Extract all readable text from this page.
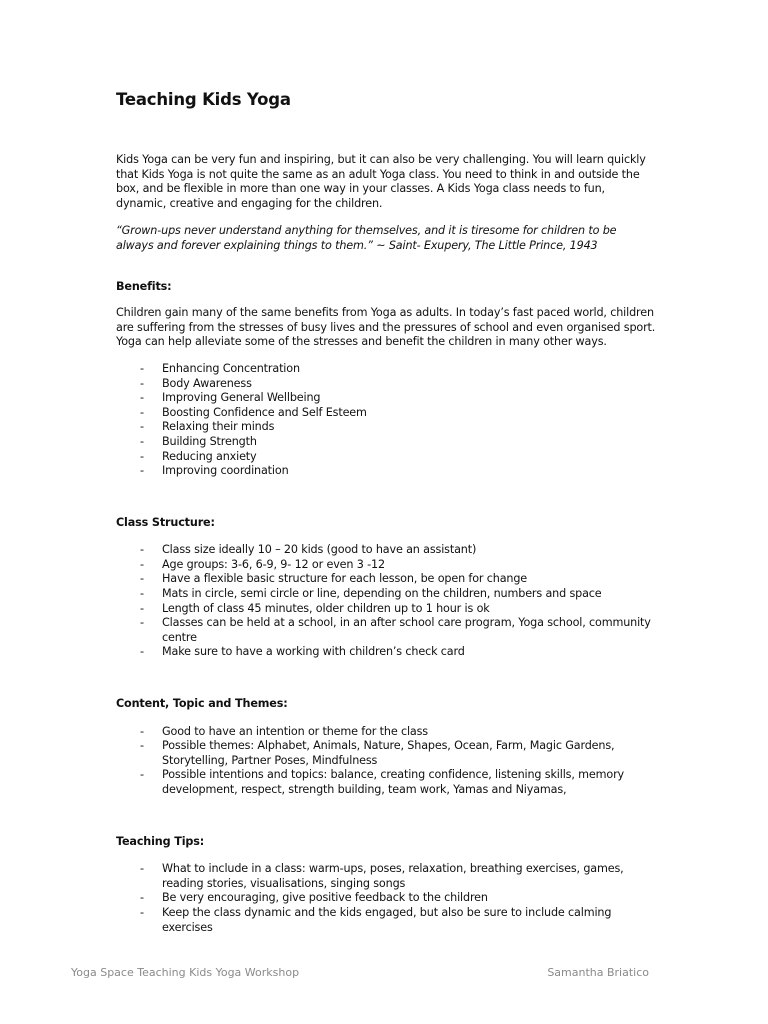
Teaching Kids Yoga

Kids Yoga can be very fun and inspiring, but it can also be very challenging. You will learn quickly that Kids Yoga is not quite the same as an adult Yoga class. You need to think in and outside the box, and be flexible in more than one way in your classes. A Kids Yoga class needs to fun, dynamic, creative and engaging for the children.

“Grown-ups never understand anything for themselves, and it is tiresome for children to be always and forever explaining things to them.” ~ Saint- Exupery, The Little Prince, 1943

Benefits:

Children gain many of the same benefits from Yoga as adults. In today’s fast paced world, children are suffering from the stresses of busy lives and the pressures of school and even organised sport. Yoga can help alleviate some of the stresses and benefit the children in many other ways.

- Enhancing Concentration
- Body Awareness
- Improving General Wellbeing
- Boosting Confidence and Self Esteem
- Relaxing their minds
- Building Strength
- Reducing anxiety
- Improving coordination

Class Structure:

- Class size ideally 10 – 20 kids (good to have an assistant)
- Age groups: 3-6, 6-9, 9- 12 or even 3 -12
- Have a flexible basic structure for each lesson, be open for change
- Mats in circle, semi circle or line, depending on the children, numbers and space
- Length of class 45 minutes, older children up to 1 hour is ok
- Classes can be held at a school, in an after school care program, Yoga school, community centre
- Make sure to have a working with children’s check card

Content, Topic and Themes:

- Good to have an intention or theme for the class
- Possible themes: Alphabet, Animals, Nature, Shapes, Ocean, Farm, Magic Gardens, Storytelling, Partner Poses, Mindfulness
- Possible intentions and topics: balance, creating confidence, listening skills, memory development, respect, strength building, team work, Yamas and Niyamas,

Teaching Tips:

- What to include in a class: warm-ups, poses, relaxation, breathing exercises, games, reading stories, visualisations, singing songs
- Be very encouraging, give positive feedback to the children
- Keep the class dynamic and the kids engaged, but also be sure to include calming exercises
Yoga Space Teaching Kids Yoga Workshop	Samantha Briatico
